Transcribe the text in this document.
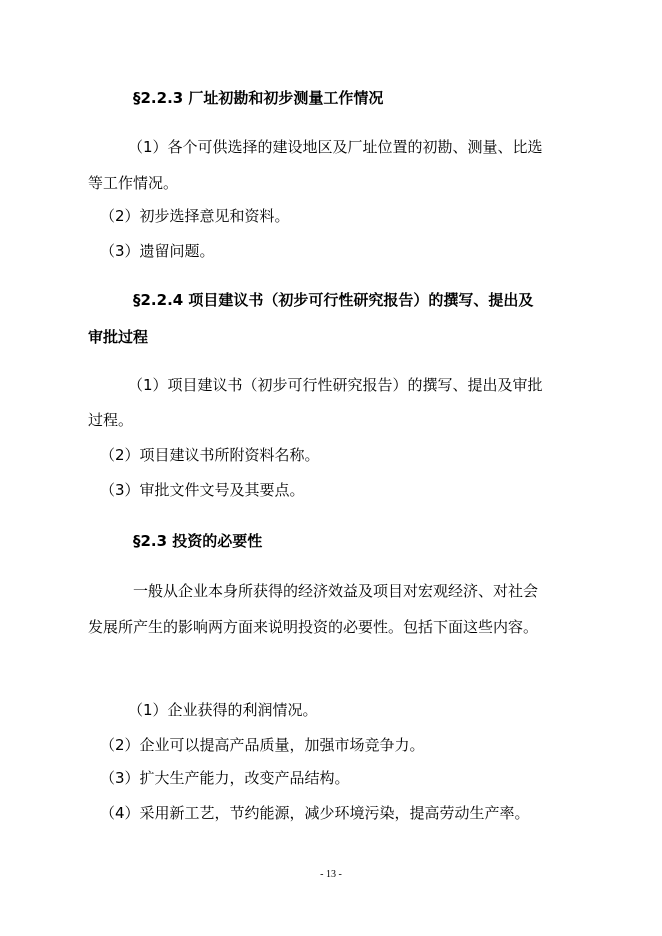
§2.2.3 厂址初勘和初步测量工作情况
（1）各个可供选择的建设地区及厂址位置的初勘、测量、比选
等工作情况。
（2）初步选择意见和资料。
（3）遗留问题。
§2.2.4 项目建议书（初步可行性研究报告）的撰写、提出及
审批过程
（1）项目建议书（初步可行性研究报告）的撰写、提出及审批
过程。
（2）项目建议书所附资料名称。
（3）审批文件文号及其要点。
§2.3 投资的必要性
一般从企业本身所获得的经济效益及项目对宏观经济、对社会
发展所产生的影响两方面来说明投资的必要性。包括下面这些内容。
（1）企业获得的利润情况。
（2）企业可以提高产品质量，加强市场竞争力。
（3）扩大生产能力，改变产品结构。
（4）采用新工艺，节约能源，减少环境污染，提高劳动生产率。
- 13 -
